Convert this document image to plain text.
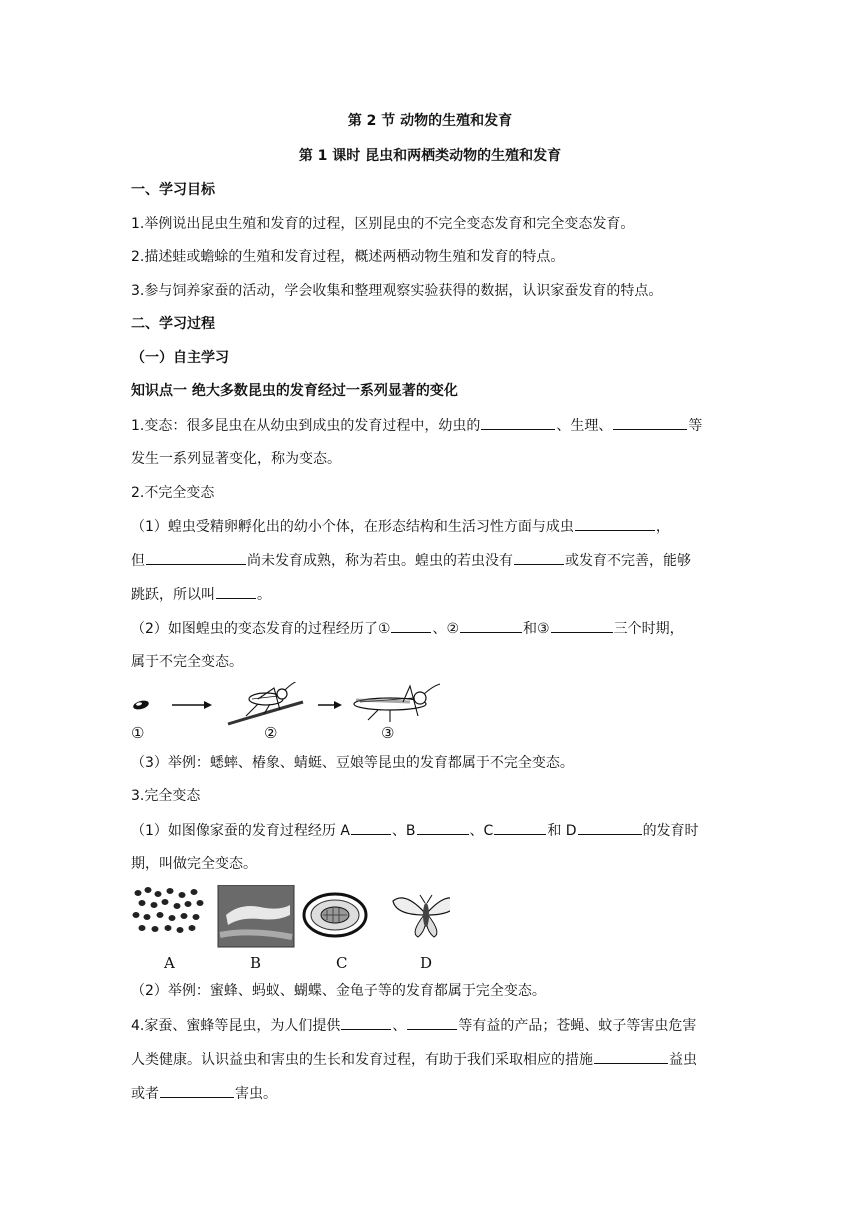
第 2 节 动物的生殖和发育
第 1 课时 昆虫和两栖类动物的生殖和发育
一、学习目标
1.举例说出昆虫生殖和发育的过程，区别昆虫的不完全变态发育和完全变态发育。
2.描述蛙或蟾蜍的生殖和发育过程，概述两栖动物生殖和发育的特点。
3.参与饲养家蚕的活动，学会收集和整理观察实验获得的数据，认识家蚕发育的特点。
二、学习过程
（一）自主学习
知识点一 绝大多数昆虫的发育经过一系列显著的变化
1.变态：很多昆虫在从幼虫到成虫的发育过程中，幼虫的	、生理、	等
发生一系列显著变化，称为变态。
2.不完全变态
（1）蝗虫受精卵孵化出的幼小个体，在形态结构和生活习性方面与成虫	，
但	尚未发育成熟，称为若虫。蝗虫的若虫没有	或发育不完善，能够
跳跃，所以叫	。
（2）如图蝗虫的变态发育的过程经历了①	、②	和③	三个时期，
属于不完全变态。
①	②	③
（3）举例：蟋蟀、椿象、蜻蜓、豆娘等昆虫的发育都属于不完全变态。
3.完全变态
（1）如图像家蚕的发育过程经历 A	、B	、C	和 D	的发育时
期，叫做完全变态。
A	B	C	D
（2）举例：蜜蜂、蚂蚁、蝴蝶、金龟子等的发育都属于完全变态。
4.家蚕、蜜蜂等昆虫，为人们提供	、	等有益的产品；苍蝇、蚊子等害虫危害
人类健康。认识益虫和害虫的生长和发育过程，有助于我们采取相应的措施	益虫
或者	害虫。
